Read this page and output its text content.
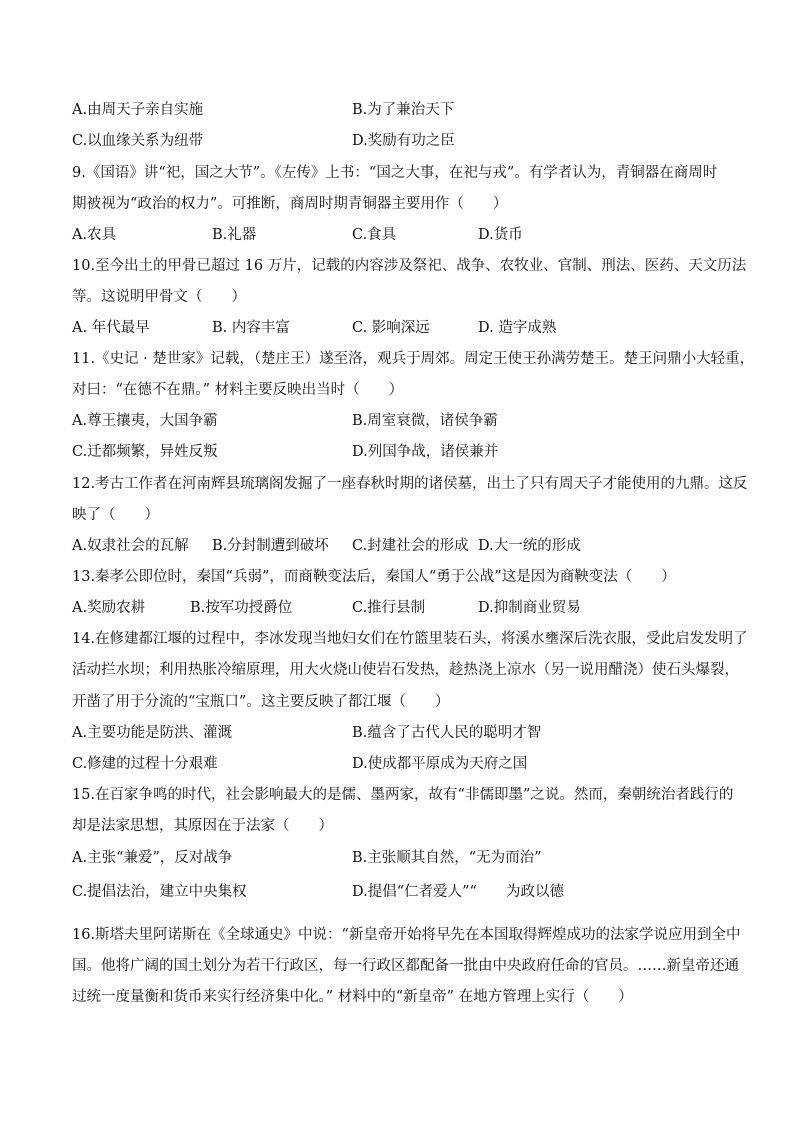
A.由周天子亲自实施	B.为了兼治天下
C.以血缘关系为纽带	D.奖励有功之臣
9.《国语》讲“祀，国之大节”。《左传》上书：“国之大事，在祀与戎”。有学者认为，青铜器在商周时
期被视为“政治的权力”。可推断，商周时期青铜器主要用作（　　）
A.农具	B.礼器	C.食具	D.货币
10.至今出土的甲骨已超过 16 万片，记载的内容涉及祭祀、战争、农牧业、官制、刑法、医药、天文历法
等。这说明甲骨文（　　）
A. 年代最早	B. 内容丰富	C. 影响深远	D. 造字成熟
11.《史记 · 楚世家》记载，（楚庄王）遂至洛，观兵于周郊。周定王使王孙满劳楚王。楚王问鼎小大轻重，
对曰：“在德不在鼎。” 材料主要反映出当时（　　）
A.尊王攘夷，大国争霸	B.周室衰微，诸侯争霸
C.迁都频繁，异姓反叛	D.列国争战，诸侯兼并
12.考古工作者在河南辉县琉璃阁发掘了一座春秋时期的诸侯墓，出土了只有周天子才能使用的九鼎。这反
映了（　　）
A.奴隶社会的瓦解 B.分封制遭到破坏 C.封建社会的形成 D.大一统的形成
13.秦孝公即位时，秦国“兵弱”，而商鞅变法后，秦国人“勇于公战”这是因为商鞅变法（　　）
A.奖励农耕	B.按军功授爵位	C.推行县制	D.抑制商业贸易
14.在修建都江堰的过程中，李冰发现当地妇女们在竹篮里装石头，将溪水壅深后洗衣服，受此启发发明了
活动拦水坝；利用热胀冷缩原理，用大火烧山使岩石发热，趁热浇上凉水（另一说用醋浇）使石头爆裂，
开凿了用于分流的“宝瓶口”。这主要反映了都江堰（　　）
A.主要功能是防洪、灌溉	B.蕴含了古代人民的聪明才智
C.修建的过程十分艰难	D.使成都平原成为天府之国
15.在百家争鸣的时代，社会影响最大的是儒、墨两家，故有“非儒即墨”之说。然而，秦朝统治者践行的
却是法家思想，其原因在于法家（　　）
A.主张“兼爱”，反对战争	B.主张顺其自然，“无为而治”
C.提倡法治，建立中央集权	D.提倡“仁者爱人”“　　为政以德
16.斯塔夫里阿诺斯在《全球通史》中说：“新皇帝开始将早先在本国取得辉煌成功的法家学说应用到全中
国。他将广阔的国土划分为若干行政区，每一行政区都配备一批由中央政府任命的官员。……新皇帝还通
过统一度量衡和货币来实行经济集中化。” 材料中的“新皇帝” 在地方管理上实行（　　）
